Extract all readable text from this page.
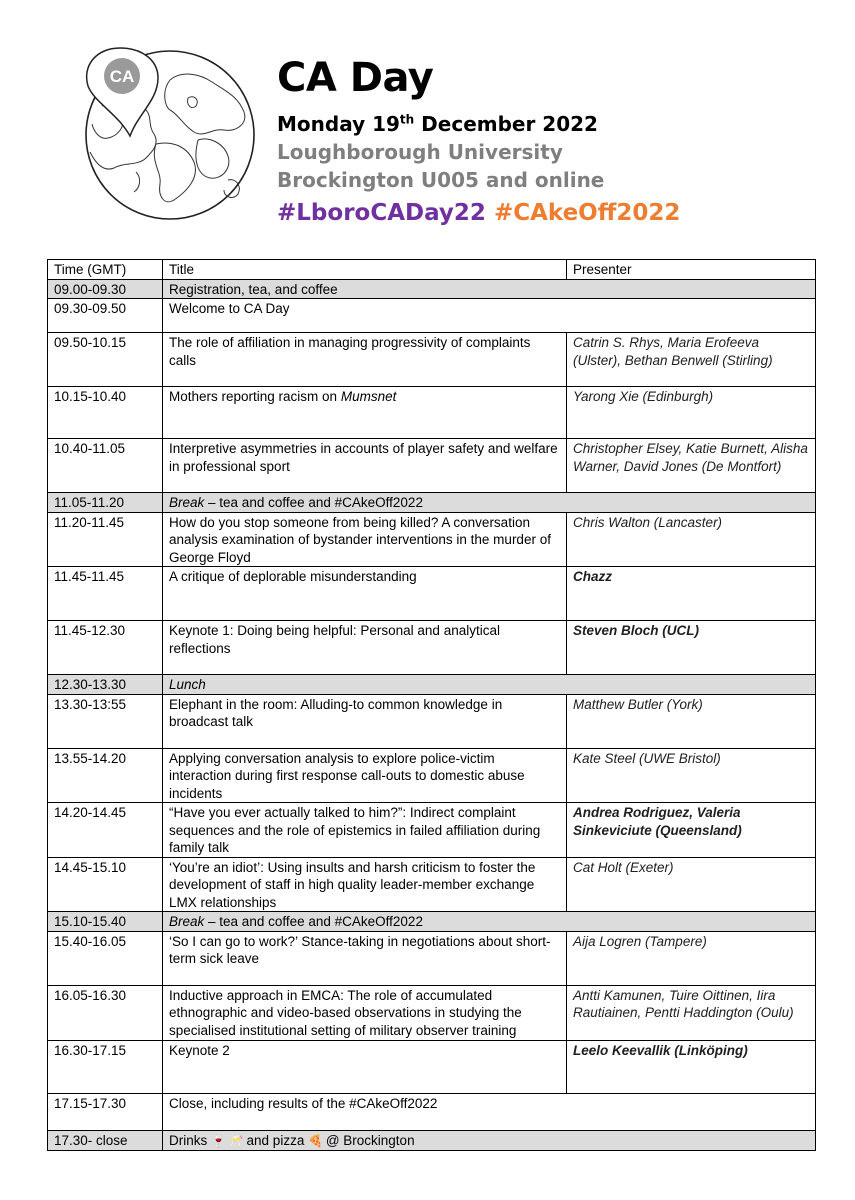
CA	CA Day
Monday 19th December 2022
Loughborough University
Brockington U005 and online
#LboroCADay22 #CAkeOff2022
Time (GMT)	Title	Presenter
09.00-09.30	Registration, tea, and coffee	
09.30-09.50	Welcome to CA Day	
09.50-10.15	The role of affiliation in managing progressivity of complaints calls	Catrin S. Rhys, Maria Erofeeva (Ulster), Bethan Benwell (Stirling)
10.15-10.40	Mothers reporting racism on Mumsnet	Yarong Xie (Edinburgh)
10.40-11.05	Interpretive asymmetries in accounts of player safety and welfare in professional sport	Christopher Elsey, Katie Burnett, Alisha Warner, David Jones (De Montfort)
11.05-11.20	Break – tea and coffee and #CAkeOff2022	
11.20-11.45	How do you stop someone from being killed? A conversation analysis examination of bystander interventions in the murder of George Floyd	Chris Walton (Lancaster)
11.45-11.45	A critique of deplorable misunderstanding	Chazz
11.45-12.30	Keynote 1: Doing being helpful: Personal and analytical reflections	Steven Bloch (UCL)
12.30-13.30	Lunch	
13.30-13:55	Elephant in the room: Alluding-to common knowledge in broadcast talk	Matthew Butler (York)
13.55-14.20	Applying conversation analysis to explore police-victim interaction during first response call-outs to domestic abuse incidents	Kate Steel (UWE Bristol)
14.20-14.45	“Have you ever actually talked to him?”: Indirect complaint sequences and the role of epistemics in failed affiliation during family talk	Andrea Rodriguez, Valeria Sinkeviciute (Queensland)
14.45-15.10	‘You’re an idiot’: Using insults and harsh criticism to foster the development of staff in high quality leader-member exchange LMX relationships	Cat Holt (Exeter)
15.10-15.40	Break – tea and coffee and #CAkeOff2022	
15.40-16.05	‘So I can go to work?’ Stance-taking in negotiations about short-term sick leave	Aija Logren (Tampere)
16.05-16.30	Inductive approach in EMCA: The role of accumulated ethnographic and video-based observations in studying the specialised institutional setting of military observer training	Antti Kamunen, Tuire Oittinen, Iira Rautiainen, Pentti Haddington (Oulu)
16.30-17.15	Keynote 2	Leelo Keevallik (Linköping)
17.15-17.30	Close, including results of the #CAkeOff2022	
17.30- close	Drinks 🍷 🥂 and pizza 🍕 @ Brockington	
